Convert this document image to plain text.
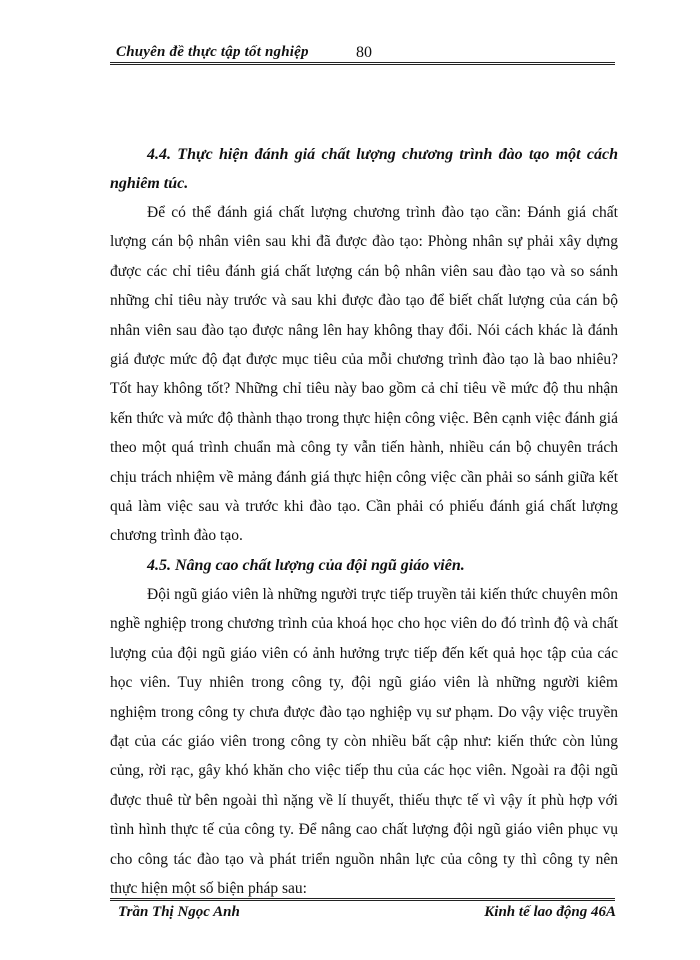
Chuyên đề thực tập tốt nghiệp	80

4.4. Thực hiện đánh giá chất lượng chương trình đào tạo một cách nghiêm túc.

Để có thể đánh giá chất lượng chương trình đào tạo cần: Đánh giá chất lượng cán bộ nhân viên sau khi đã được đào tạo: Phòng nhân sự phải xây dựng được các chỉ tiêu đánh giá chất lượng cán bộ nhân viên sau đào tạo và so sánh những chỉ tiêu này trước và sau khi được đào tạo để biết chất lượng của cán bộ nhân viên sau đào tạo được nâng lên hay không thay đổi. Nói cách khác là đánh giá được mức độ đạt được mục tiêu của mỗi chương trình đào tạo là bao nhiêu? Tốt hay không tốt? Những chỉ tiêu này bao gồm cả chỉ tiêu về mức độ thu nhận kến thức và mức độ thành thạo trong thực hiện công việc. Bên cạnh việc đánh giá theo một quá trình chuẩn mà công ty vẫn tiến hành, nhiều cán bộ chuyên trách chịu trách nhiệm về mảng đánh giá thực hiện công việc cần phải so sánh giữa kết quả làm việc sau và trước khi đào tạo. Cần phải có phiếu đánh giá chất lượng chương trình đào tạo.

4.5. Nâng cao chất lượng của đội ngũ giáo viên.

Đội ngũ giáo viên là những người trực tiếp truyền tải kiến thức chuyên môn nghề nghiệp trong chương trình của khoá học cho học viên do đó trình độ và chất lượng của đội ngũ giáo viên có ảnh hưởng trực tiếp đến kết quả học tập của các học viên. Tuy nhiên trong công ty, đội ngũ giáo viên là những người kiêm nghiệm trong công ty chưa được đào tạo nghiệp vụ sư phạm. Do vậy việc truyền đạt của các giáo viên trong công ty còn nhiều bất cập như: kiến thức còn lủng củng, rời rạc, gây khó khăn cho việc tiếp thu của các học viên. Ngoài ra đội ngũ được thuê từ bên ngoài thì nặng về lí thuyết, thiếu thực tế vì vậy ít phù hợp với tình hình thực tế của công ty. Để nâng cao chất lượng đội ngũ giáo viên phục vụ cho công tác đào tạo và phát triển nguồn nhân lực của công ty thì công ty nên thực hiện một số biện pháp sau:

Trần Thị Ngọc Anh	Kinh tế lao động 46A
